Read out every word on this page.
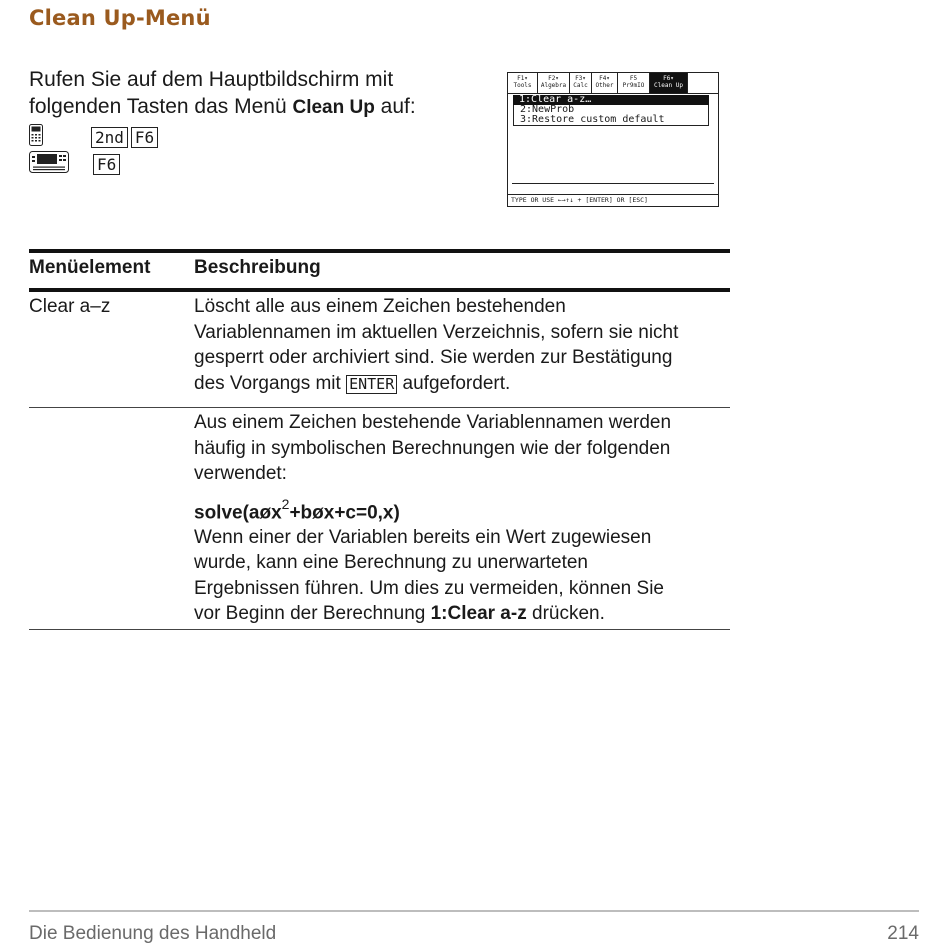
Clean Up-Menü
Rufen Sie auf dem Hauptbildschirm mit
folgenden Tasten das Menü Clean Up auf:
2nd F6
F6
F1▾
Tools
F2▾
Algebra
F3▾
Calc
F4▾
Other
F5
Pr9mIO
F6▾
Clean Up
1:Clear a-z…
2:NewProb
3:Restore custom default
TYPE OR USE ←→↑↓ + [ENTER] OR [ESC]
Menüelement Beschreibung
Clear a–z	Löscht alle aus einem Zeichen bestehenden
Variablennamen im aktuellen Verzeichnis, sofern sie nicht
gesperrt oder archiviert sind. Sie werden zur Bestätigung
des Vorgangs mit ENTER aufgefordert.
Aus einem Zeichen bestehende Variablennamen werden
häufig in symbolischen Berechnungen wie der folgenden
verwendet:
solve(aøx$^2$+bøx+c=0,x)
Wenn einer der Variablen bereits ein Wert zugewiesen
wurde, kann eine Berechnung zu unerwarteten
Ergebnissen führen. Um dies zu vermeiden, können Sie
vor Beginn der Berechnung 1:Clear a-z drücken.
Die Bedienung des Handheld	214
